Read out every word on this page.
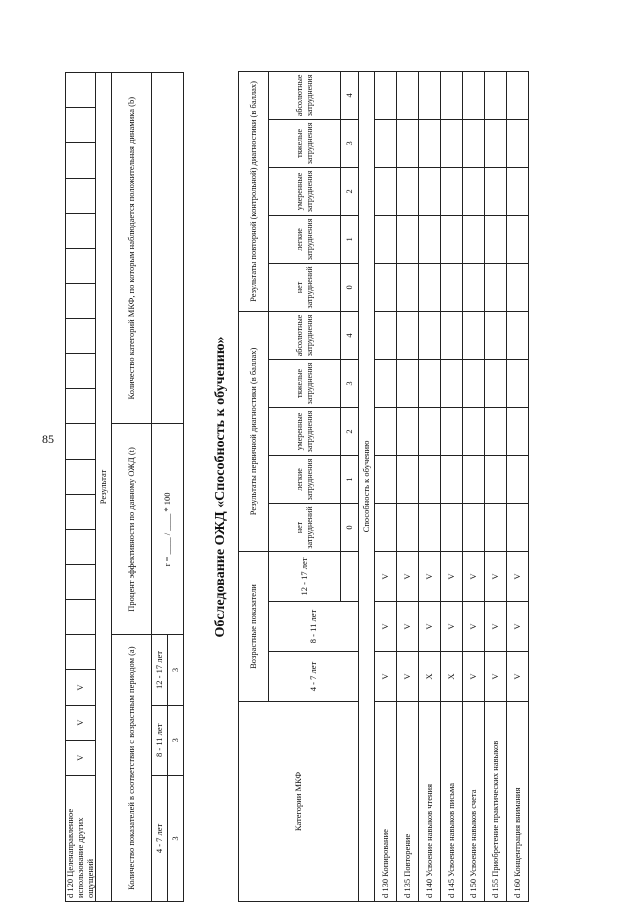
85
d 120 Целенаправленное использование других ощущений	V	V	V																	
Результат																				
Количество показателей в соответствии с возрастным периодом (a)					Процент эффективности по данному ОЖД (t)						Количество категорий МКФ, по которым наблюдается положительная динамика (b)									
4 - 7 лет	8 - 11 лет		12 - 17 лет		r = ____ / ____ * 100															
3	3		3																	
Обследование ОЖД «Способность к обучению»
Категории МКФ	Возрастные показатели			Результаты первичной диагностики (в баллах)					Результаты повторной (контрольной) диагностики (в баллах)				
	4 - 7 лет	8 - 11 лет	12 - 17 лет	нет затруднений	легкие затруднения	умеренные затруднения	тяжелые затруднения	абсолютные затруднения	нет затруднений	легкие затруднения	умеренные затруднения	тяжелые затруднения	абсолютные затруднения

				0	1	2	3	4	0	1	2	3	4
Способность к обучению													
d 130 Копирование	V	V	V										
d 135 Повторение	V	V	V										
d 140 Усвоение навыков чтения	X	V	V										
d 145 Усвоение навыков письма	X	V	V										
d 150 Усвоение навыков счета	V	V	V										
d 155 Приобретение практических навыков	V	V	V										
d 160 Концентрация внимания	V	V	V										
